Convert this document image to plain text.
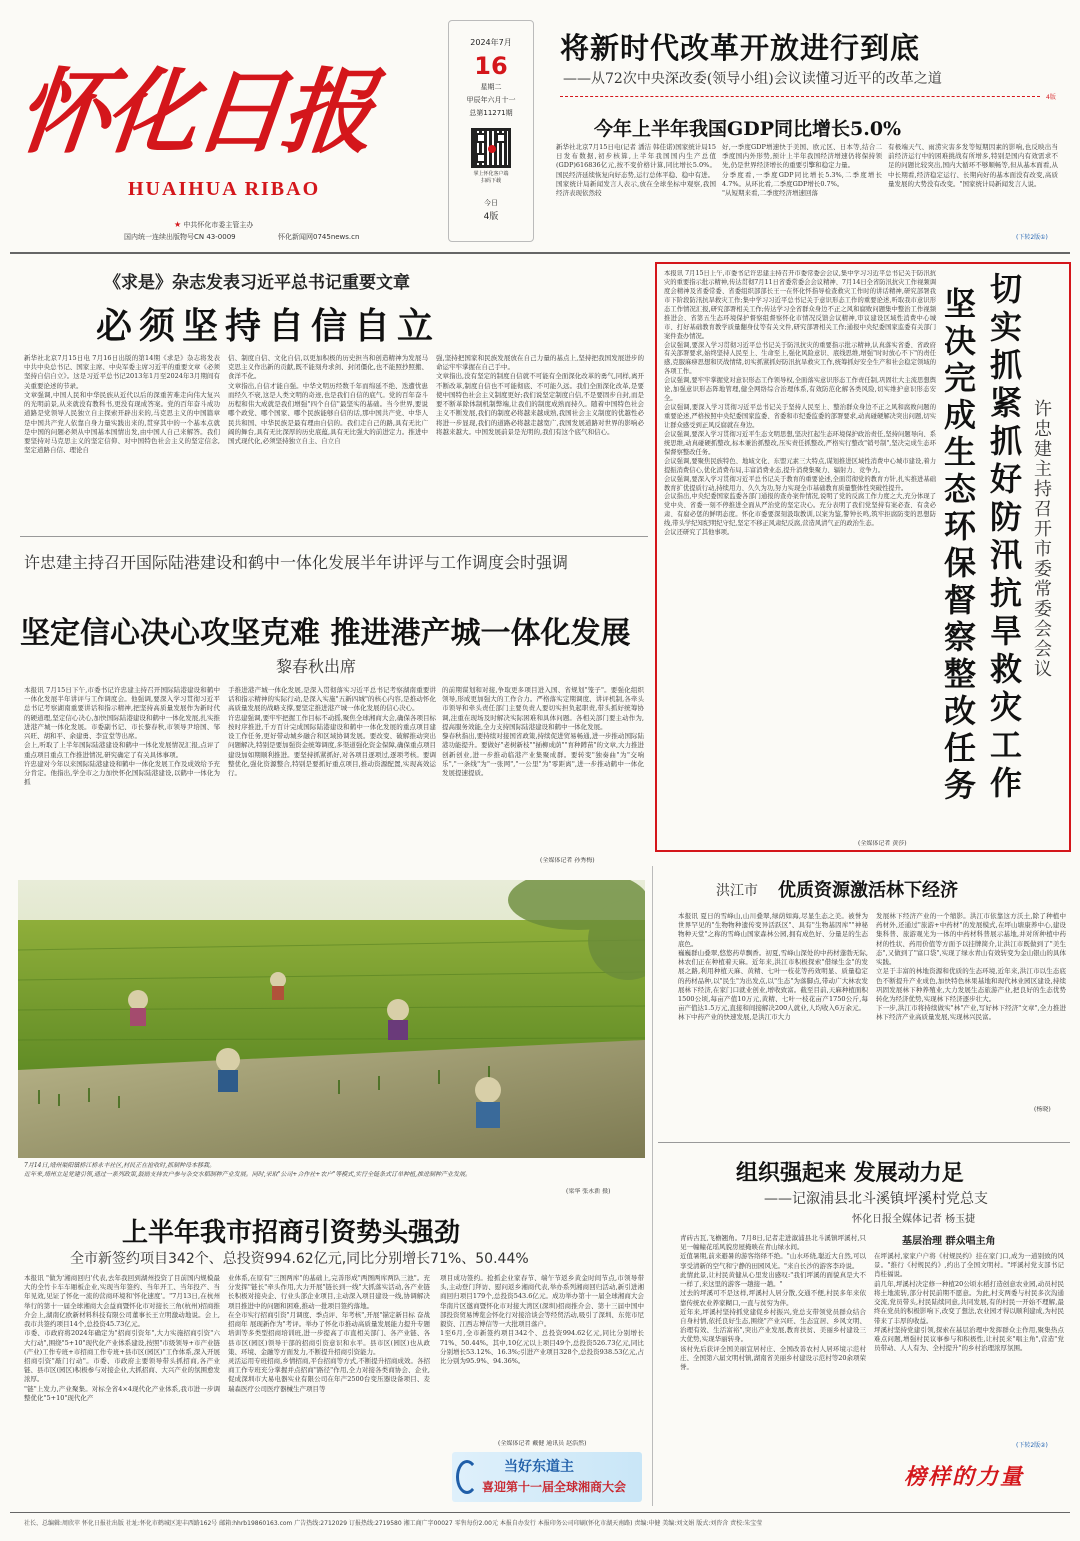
怀化日报
HUAIHUA RIBAO
★ 中共怀化市委主管主办
国内统一连续出版物号CN 43-0009	怀化新闻网0745news.cn
2024年7月
16
星期二
甲辰年六月十一
总第11271期
掌上怀化客户端
扫码下载
今日
4版
将新时代改革开放进行到底
——从72次中央深改委(领导小组)会议读懂习近平的改革之道
4版
今年上半年我国GDP同比增长5.0%
新华社北京7月15日电(记者 潘洁 韩佳诺)国家统计局15日发布数据,初步核算,上半年我国国内生产总值(GDP)616836亿元,按不变价格计算,同比增长5.0%。国民经济延续恢复向好态势,运行总体平稳、稳中有进。
国家统计局新闻发言人表示,放在全球坐标中观察,我国经济表现依然较
好,一季度GDP增速快于美国、欧元区、日本等,结合二季度国内外形势,预计上半年我国经济增速仍将保持领先,仍是世界经济增长的重要引擎和稳定力量。
分季度看,一季度GDP同比增长5.3%,二季度增长4.7%。从环比看,二季度GDP增长0.7%。
"从短期来看,二季度经济增速回落
有极端天气、雨涝灾害多发等短期因素的影响,也反映出当前经济运行中的困难挑战有所增多,特别是国内有效需求不足的问题比较突出,国内大循环不够顺畅等,但从基本面看,从中长期看,经济稳定运行、长期向好的基本面没有改变,高质量发展的大势没有改变。"国家统计局新闻发言人说。
(下转2版①)
《求是》杂志发表习近平总书记重要文章
必须坚持自信自立
新华社北京7月15日电 7月16日出版的第14期《求是》杂志将发表中共中央总书记、国家主席、中央军委主席习近平的重要文章《必须坚持自信自立》。这是习近平总书记2013年1月至2024年3月期间有关重要论述的节录。
文章强调,中国人民和中华民族从近代以后的深重苦难走向伟大复兴的光明前景,从来就没有教科书,更没有现成答案。党的百年奋斗成功道路是党领导人民独立自主探索开辟出来的,马克思主义的中国篇章是中国共产党人依靠自身力量实践出来的,贯穿其中的一个基本点就是中国的问题必须从中国基本国情出发,由中国人自己来解答。我们要坚持对马克思主义的坚定信仰、对中国特色社会主义的坚定信念,坚定道路自信、理论自
信、制度自信、文化自信,以更加积极的历史担当和创造精神为发展马克思主义作出新的贡献,既不能刻舟求剑、封闭僵化,也不能照抄照搬、食洋不化。
文章指出,自信才能自强。中华文明历经数千年而绵延不绝、迭遭忧患而经久不衰,这是人类文明的奇迹,也是我们自信的底气。党的百年奋斗历程和伟大成就是我们增强"四个自信"最坚实的基础。当今世界,要说哪个政党、哪个国家、哪个民族能够自信的话,那中国共产党、中华人民共和国、中华民族是最有理由自信的。我们走自己的路,具有无比广阔的舞台,具有无比深厚的历史底蕴,具有无比强大的前进定力。推进中国式现代化,必须坚持独立自主、自立自
强,坚持把国家和民族发展放在自己力量的基点上,坚持把我国发展进步的命运牢牢掌握在自己手中。
文章指出,没有坚定的制度自信就不可能有全面深化改革的勇气,同样,离开不断改革,制度自信也不可能彻底、不可能久远。我们全面深化改革,是要使中国特色社会主义制度更好;我们说坚定制度自信,不是要固步自封,而是要不断革除体制机制弊端,让我们的制度成熟而持久。随着中国特色社会主义不断发展,我们的制度必将越来越成熟,我国社会主义制度的优越性必将进一步显现,我们的道路必将越走越宽广,我国发展道路对世界的影响必将越来越大。中国发展前景是光明的,我们有这个底气和信心。
许忠建主持召开国际陆港建设和鹤中一体化发展半年讲评与工作调度会时强调
坚定信心决心攻坚克难 推进港产城一体化发展
黎春秋出席
本报讯 7月15日下午,市委书记许忠建主持召开国际陆港建设和鹤中一体化发展半年讲评与工作调度会。他强调,要深入学习贯彻习近平总书记考察湖南重要讲话和指示精神,把坚持高质量发展作为新时代的硬道理,坚定信心决心,加快国际陆港建设和鹤中一体化发展,扎实推进港产城一体化发展。市委副书记、市长黎春秋,市领导尹培国、邹兴旺、胡和平、余建勇、李宜堂等出席。
会上,听取了上半年国际陆港建设和鹤中一体化发展情况汇报,点评了重点项目重点工作推进情况,研究确定了有关具体事项。
许忠建对今年以来国际陆港建设和鹤中一体化发展工作及成效给予充分肯定。他指出,学全市之力加快怀化国际陆港建设,以鹤中一体化为抓
手推进港产城一体化发展,是深入贯彻落实习近平总书记考察湖南重要讲话和指示精神的实际行动,是深入实施"五新四城"的核心内容,是推动怀化高质量发展的战略支撑,要坚定推进港产城一体化发展的信心决心。
许忠建强调,要牢牢把握工作目标不动摇,聚焦全球湘商大会,确保各项目标按时序推进,千方百计完成国际陆港建设和鹤中一体化发展的重点项目建设工作任务,更好带动城乡融合和区域协调发展。要改变、破解推动突出问题解决,特别是要加强资金统筹调度,多渠道强化资金保障,确保重点项目建设加如期顺利推进。要坚持抓紧抓好,对各项目逐项过,逐项考核。要调整优化,强化资源整合,特别是要抓好重点项目,推动资源配置,实现高效运行。
的前期谋划和对接,争取更多项目进入国、省规划"笼子"。要强化组织领导,形成更加强大的工作合力。严格落实定期调度、讲评机制,各牵头市领导和牵头责任部门主要负责人要切实担负起职责,带头抓好统筹协调,注重在现场及时解决实际困难和具体问题。各相关部门要主动作为,提高服务效能,全力支持国际陆港建设和鹤中一体化发展。
黎春秋指出,要持续对接国省政策,持续促进贸易畅通,进一步推动国际陆港功能提升。要做好"老树新枝""插柳成荫""育种蹲苗"的文章,大力推进创新创业,进一步推动临港产业集聚成群。要转变"独奏曲"为"交响乐","一条线"为"一张网","一公里"为"零距离",进一步推动鹤中一体化发展提速提质。
(全媒体记者 孙秀梅)
本报讯 7月15日上午,市委书记许忠建主持召开市委常委会会议,集中学习习近平总书记关于防汛抗灾的重要指示批示精神,传达贯彻7月11日省委常委会会议精神、7月14日全省防汛抗灾工作视频调度会精神及省委常委、省委组织部部长王一在怀化怀指导检查救灾工作时的讲话精神,研究部署我市下阶段防汛抗旱救灾工作;集中学习习近平总书记关于意识形态工作的重要论述,听取我市意识形态工作情况汇报,研究部署相关工作;传达学习全省群众身边不正之风和腐败问题集中整治工作视频推进会、省第五生态环境保护督察组督察怀化市情况反馈会议精神,审议建设区域性消费中心城市、打好基础教育教学质量翻身仗等有关文件,研究部署相关工作;通报中央纪委国家监委有关部门案件查办情况。
会议强调,要深入学习贯彻习近平总书记关于防汛抗灾的重要指示批示精神,认真落实省委、省政府有关部署要求,始终坚持人民至上、生命至上,强化风险意识、底线思维,增强"时时放心不下"的责任感,克服麻痹思想和厌战情绪,切实抓紧抓好防汛抗旱救灾工作,统筹抓好安全生产和社会稳定领域的各项工作。
会议强调,要牢牢掌握党对意识形态工作领导权,全面落实意识形态工作责任制,巩固壮大主流思想舆论,加强意识形态阵地管理,健全网络综合治理体系,有效防范化解各类风险,切实维护意识形态安全。
会议强调,要深入学习贯彻习近平总书记关于坚持人民至上、整治群众身边不正之风和腐败问题的重要论述,严格按照中央纪委国家监委、省委和市纪委监委的部署要求,动真碰硬解决突出问题,切实让群众感受到正风反腐就在身边。
会议强调,要深入学习贯彻习近平生态文明思想,坚决扛起生态环境保护政治责任,坚持问题导向、系统思维,动真碰硬抓整改,标本兼治抓整改,压实责任抓整改,严格实行整改"销号制",坚决完成生态环保督察整改任务。
会议强调,要聚焦民族特色、地域文化、东盟元素三大特点,谋划推进区域性消费中心城市建设,着力提振消费信心,优化消费布局,丰富消费业态,提升消费集聚力、辐射力、竞争力。
会议强调,要深入学习贯彻习近平总书记关于教育的重要论述,全面贯彻党的教育方针,扎实推进基础教育扩优提质行动,持续用力、久久为功,努力实现全市基础教育质量整体性突破性提升。
会议指出,中央纪委国家监委各部门通报的查办案件情况,说明了党的反腐工作力度之大,充分体现了党中央、省委一刻不停推进全面从严治党的坚定决心。充分表明了我们党坚持有案必查、有贪必肃、有腐必惩的鲜明态度。怀化市委要深刻汲取教训,以案为鉴,警钟长鸣,筑牢拒腐防变的思想防线,带头学纪知纪明纪守纪,坚定不移正风肃纪反腐,营造风清气正的政治生态。
会议还研究了其他事项。
(全媒体记者 黄莎)
坚决完成生态环保督察整改任务
切实抓紧抓好防汛抗旱救灾工作
许忠建主持召开市委常委会会议
7月14日,靖州渠阳镇桥江桥永丰社区,村民正在抢收时,抓制种母本移栽。
近年来,靖州立足党建引领,通过一系列政策,鼓励支持农户参与杂交水稻制种产业发展。同时,采取"公司+合作社+农户"等模式,实行全链条式订单种植,推进制种产业发展。
(梁华 张永新 摄)
洪江市 优质资源激活林下经济
本报讯 夏日的雪峰山,山川叠翠,绿荫如海,尽显生态之美。被誉为世界罕见的"生物物种遗传变异活跃区"、具有"生物基因库""神秘物种天堂"之称的雪峰山国家森林公园,拥有成色好、分量足的生态底色。
巍巍群山叠翠,悠悠药草飘香。初夏,雪峰山深处的中药材蓬勃无际,林农们正在种植着天麻。近年来,洪江市积极探索"借绿生金"的发展之路,利用种植天麻、黄精、七叶一枝花等药效明显、质量稳定的药材品种,以"民生"为出发点,以"生态"为落脚点,带动广大林农发展林下经济,在家门口就业创业,增收致富。截至目前,天麻种植面积1500公顷,每亩产值10万元,黄精、七叶一枝花亩产1750公斤,每亩产值达1.5万元,直接和间接解决200人就业,人均收入6万余元。
林下中药产业的快速发展,是洪江市大力
发展林下经济产业的一个缩影。洪江市依靠这方沃土,除了种植中药材外,还通过"旅游+中药材"的发展模式,在坪山塘康养中心,建设集科普、旅游观光为一体的中药材科普展示基地,并对所种植中药材的性状、药用价值等方面予以挂牌简介,让洪江市既做到了"美生态",又做到了"富口袋",实现了绿水青山有效转变为金山银山的具体实践。
立足于丰富的林地资源和优质的生态环境,近年来,洪江市以生态底色不断提升产业成色,加快特色林果基地和现代林业园区建设,持续巩固发展林下种养殖业,大力发展生态旅游产业,把良好的生态优势转化为经济优势,实现林下经济逐步壮大。
下一步,洪江市将持续做实"林"产业,写好林下经济"文章",全力推进林下经济产业高质量发展,实现林兴民富。
(杨晓)
上半年我市招商引资势头强劲
全市新签约项目342个、总投资994.62亿元,同比分别增长71%、50.44%
本报讯 "做为'湘商回归'代表,去年我回到湖州投资了目前国内规模最大的全竹卡车车厢板企业,实现当年签约、当年开工、当年投产、当年见效,见证了怀化一流的营商环境和'怀化速度'。"7月13日,在杭州举行的第十一届全球湘商大会益商暨怀化市对接长三角(杭州)招商推介会上,湖南亿欧新材料科技有限公司董事长王立明激动地说。会上,我市共签约项目14个,总投资45.73亿元。
市委、市政府将2024年确定为"招商引资年",大力实施招商引资"六大行动",围绕"5+10"现代化产业体系建设,按照"市级领导+市产业链(产业)工作专班+市招商工作专班+县市区(园区)"工作体系,深入开展招商引资"敲门行动"。市委、市政府主要领导带头抓招商,各产业链、县市区(园区)积极参与对接企业,大抓招商、大兴产业的氛围愈发浓厚。
"链"上发力,产业聚集。对标全省4×4现代化产业体系,我市进一步调整优化"5+10"现代化产
业体系,在原有"三图两库"的基础上,完善形成"两图两库两队三池"。充分发挥"链长"牵头作用,大力开展"链长到一线"大抓落实活动,各产业链长积极对接央企、行业头部企业项目,主动深入项目建设一线,协调解决项目推进中的问题和困难,推动一批项目签约落地。
在全市实行招商引资"月调度、季点评、年考核",开展"锚定新目标 奋战招商年 展现新作为"考评。举办了怀化市推动高质量发展能力提升专题培训等多类型招商培训班,进一步提高了市直相关部门、各产业链、各县市区(园区)领导干部的招商引资意识和水平。县市区(园区)也从政策、环境、金融等方面发力,不断提升招商引资能力。
灵活运用专班招商,乡情招商,平台招商等方式,不断提升招商成效。各招商工作专班充分掌握并点招商"路径"作用,全力对接各类商协会、企业,促成深圳市大易电器实业有限公司在年产2500台变压器设备项目、麦瑞森医疗公司医疗器械生产项目等
项目成功签约。抢抓企业家春节、端午节返乡黄金时间节点,市领导带头,主动登门拜访、慰问返乡湘商代表,举办系列湘商回归活动,新引进湘商回归项目179个,总投资543.6亿元。成功举办第十一届全球湘商大会华南片区邀商暨怀化市对接大湾区(深圳)招商推介会、第十三届中国中部投资贸易博览会怀化行对接洽谈会等经贸活动,吸引了深圳、东莞市尼毅资、江西志博信等一大批项目落户。
1至6月,全市新签约项目342个、总投资994.62亿元,同比分别增长71%、50.44%。其中,10亿元以上项目49个,总投资526.73亿元,同比分别增长53.12%、16.3%;引进产业项目328个,总投资938.53亿元,占比分别为95.9%、94.36%。
(全媒体记者 戴健 通讯员 赵浩然)
当好东道主
喜迎第十一届全球湘商大会
组织强起来 发展动力足
——记溆浦县北斗溪镇坪溪村党总支
怀化日报全媒体记者 杨玉捷
青砖古瓦,飞檐翘角。7月8日,记者走进溆浦县北斗溪镇坪溪村,只见一幢幢花瑶风貌房屋掩映在青山绿水间。
近值暑期,前来避暑的游客络绎不绝。"山水环绕,聪近大自然,可以享受清新的空气和宁静的田园风光。"来自长沙的游客李玲说。
此情此景,让村民黄健从心里发出感叹:"我们坪溪的面貌真是大不一样了,来这里的游客一趟接一趟。"
过去的坪溪可不是这样,坪溪村人居分散,交通不便,村民多年来依靠传统农业养家糊口,一直与贫穷为伴。
近年来,坪溪村坚持抓党建促乡村振兴,党总支带领党员群众结合自身村情,依托良好生态,围绕"产业兴旺、生态宜居、乡风文明、治理有效、生活富裕",突出产业发展,教育扶贫、美丽乡村建设三大优势,实现华丽转身。
该村先后获评全国美丽宜居村庄、全国改善农村人居环境示范村庄、全国第六届文明村镇,湖南省美丽乡村建设示范村等20余项荣誉。
基层治理 群众唱主角
在坪溪村,家家户户将《村规民约》挂在家门口,成为一道别致的风景。"推行《村规民约》,约出了全国文明村。"坪溪村党支部书记肖桂福说。
前几年,坪溪村决定修一种植20公顷水稻打造创意农业园,动员村民将土地流转,部分村民前期不愿意。为此,村支两委与村民多次沟通交流,党员带头,村民陆续同意,共同发展,有的村民一开始不理解,最终在党员的积极影响下,改变了想法,农业园才得以顺利建成,为村民带来了丰厚的收益。
坪溪村坚持党建引领,探索在基层治理中发挥群众主作用,聚集热点难点问题,增强村民议事参与和积极性,让村民来"唱主角",营造"党员带动、人人有为、全村提升"的乡村治理浓厚氛围。
(下转2版②)
榜样的力量
社长、总编辑:周欣苹 怀化日报社出版 社址:怀化市鹤城区迎丰西路162号 邮箱:hhrb19860163.com 广告热线:2712029 订报热线:2719580 湘工商广字00027 零售每份2.00元 本报自办发行 本报印务公司印刷(怀化市湖天南路) 责编:申健 美编:刘文娟 版式:刘咨含 责校:朱宝莹
